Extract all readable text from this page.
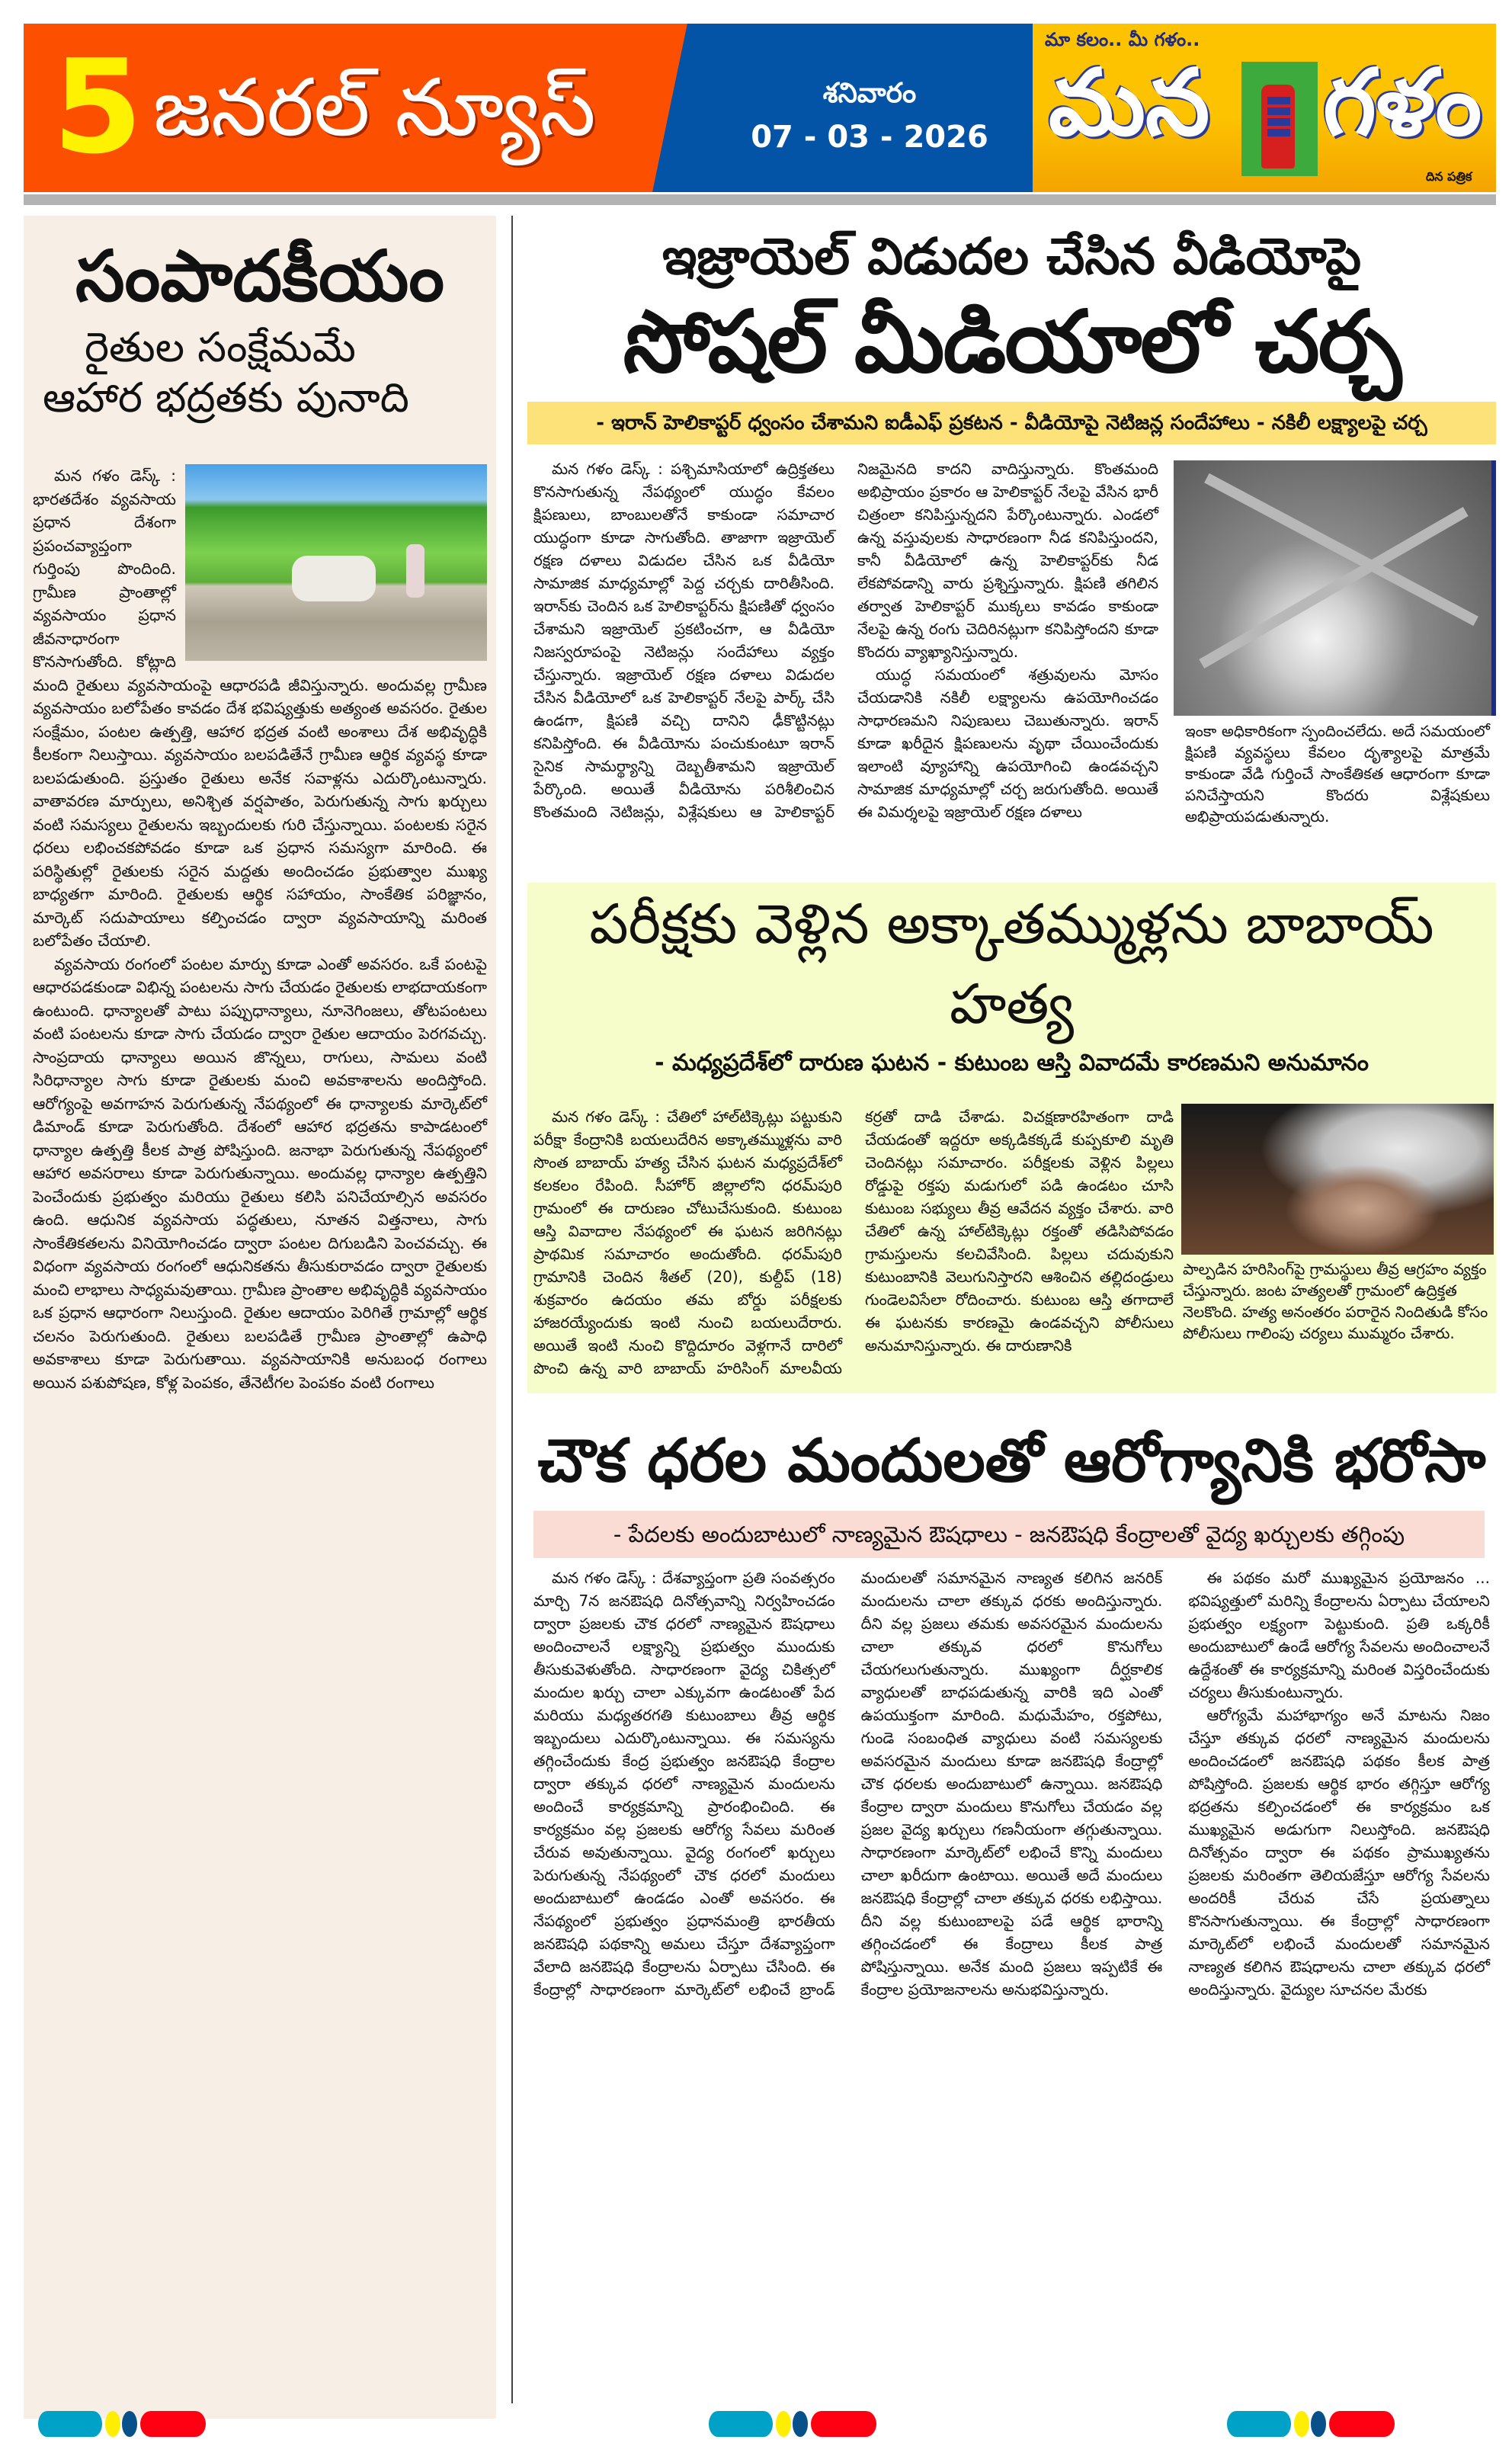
5 జనరల్ న్యూస్	శనివారం
07 - 03 - 2026
మా కలం.. మీ గళం..
మన గళం
దిన పత్రిక
సంపాదకీయం
రైతుల సంక్షేమమే
ఆహార భద్రతకు పునాది

మన గళం డెస్క్ : భారతదేశం వ్యవసాయ ప్రధాన దేశంగా ప్రపంచవ్యాప్తంగా గుర్తింపు పొందింది. గ్రామీణ ప్రాంతాల్లో వ్యవసాయం ప్రధాన జీవనాధారంగా కొనసాగుతోంది. కోట్లాది మంది రైతులు వ్యవసాయంపై ఆధారపడి జీవిస్తున్నారు. అందువల్ల గ్రామీణ వ్యవసాయం బలోపేతం కావడం దేశ భవిష్యత్తుకు అత్యంత అవసరం. రైతుల సంక్షేమం, పంటల ఉత్పత్తి, ఆహార భద్రత వంటి అంశాలు దేశ అభివృద్ధికి కీలకంగా నిలుస్తాయి. వ్యవసాయం బలపడితేనే గ్రామీణ ఆర్థిక వ్యవస్థ కూడా బలపడుతుంది. ప్రస్తుతం రైతులు అనేక సవాళ్లను ఎదుర్కొంటున్నారు. వాతావరణ మార్పులు, అనిశ్చిత వర్షపాతం, పెరుగుతున్న సాగు ఖర్చులు వంటి సమస్యలు రైతులను ఇబ్బందులకు గురి చేస్తున్నాయి. పంటలకు సరైన ధరలు లభించకపోవడం కూడా ఒక ప్రధాన సమస్యగా మారింది. ఈ పరిస్థితుల్లో రైతులకు సరైన మద్దతు అందించడం ప్రభుత్వాల ముఖ్య బాధ్యతగా మారింది. రైతులకు ఆర్థిక సహాయం, సాంకేతిక పరిజ్ఞానం, మార్కెట్ సదుపాయాలు కల్పించడం ద్వారా వ్యవసాయాన్ని మరింత బలోపేతం చేయాలి.

వ్యవసాయ రంగంలో పంటల మార్పు కూడా ఎంతో అవసరం. ఒకే పంటపై ఆధారపడకుండా విభిన్న పంటలను సాగు చేయడం రైతులకు లాభదాయకంగా ఉంటుంది. ధాన్యాలతో పాటు పప్పుధాన్యాలు, నూనెగింజలు, తోటపంటలు వంటి పంటలను కూడా సాగు చేయడం ద్వారా రైతుల ఆదాయం పెరగవచ్చు. సాంప్రదాయ ధాన్యాలు అయిన జొన్నలు, రాగులు, సామలు వంటి సిరిధాన్యాల సాగు కూడా రైతులకు మంచి అవకాశాలను అందిస్తోంది. ఆరోగ్యంపై అవగాహన పెరుగుతున్న నేపథ్యంలో ఈ ధాన్యాలకు మార్కెట్‌లో డిమాండ్ కూడా పెరుగుతోంది. దేశంలో ఆహార భద్రతను కాపాడటంలో ధాన్యాల ఉత్పత్తి కీలక పాత్ర పోషిస్తుంది. జనాభా పెరుగుతున్న నేపథ్యంలో ఆహార అవసరాలు కూడా పెరుగుతున్నాయి. అందువల్ల ధాన్యాల ఉత్పత్తిని పెంచేందుకు ప్రభుత్వం మరియు రైతులు కలిసి పనిచేయాల్సిన అవసరం ఉంది. ఆధునిక వ్యవసాయ పద్ధతులు, నూతన విత్తనాలు, సాగు సాంకేతికతలను వినియోగించడం ద్వారా పంటల దిగుబడిని పెంచవచ్చు. ఈ విధంగా వ్యవసాయ రంగంలో ఆధునికతను తీసుకురావడం ద్వారా రైతులకు మంచి లాభాలు సాధ్యమవుతాయి. గ్రామీణ ప్రాంతాల అభివృద్ధికి వ్యవసాయం ఒక ప్రధాన ఆధారంగా నిలుస్తుంది. రైతుల ఆదాయం పెరిగితే గ్రామాల్లో ఆర్థిక చలనం పెరుగుతుంది. రైతులు బలపడితే గ్రామీణ ప్రాంతాల్లో ఉపాధి అవకాశాలు కూడా పెరుగుతాయి. వ్యవసాయానికి అనుబంధ రంగాలు అయిన పశుపోషణ, కోళ్ల పెంపకం, తేనెటీగల పెంపకం వంటి రంగాలు

ఇజ్రాయెల్ విడుదల చేసిన వీడియోపై
సోషల్ మీడియాలో చర్చ
- ఇరాన్ హెలికాప్టర్ ధ్వంసం చేశామని ఐడీఎఫ్ ప్రకటన - వీడియోపై నెటిజన్ల సందేహాలు - నకిలీ లక్ష్యాలపై చర్చ

మన గళం డెస్క్ : పశ్చిమాసియాలో ఉద్రిక్తతలు కొనసాగుతున్న నేపథ్యంలో యుద్ధం కేవలం క్షిపణులు, బాంబులతోనే కాకుండా సమాచార యుద్ధంగా కూడా సాగుతోంది. తాజాగా ఇజ్రాయెల్ రక్షణ దళాలు విడుదల చేసిన ఒక వీడియో సామాజిక మాధ్యమాల్లో పెద్ద చర్చకు దారితీసింది. ఇరాన్‌కు చెందిన ఒక హెలికాప్టర్‌ను క్షిపణితో ధ్వంసం చేశామని ఇజ్రాయెల్ ప్రకటించగా, ఆ వీడియో నిజస్వరూపంపై నెటిజన్లు సందేహాలు వ్యక్తం చేస్తున్నారు. ఇజ్రాయెల్ రక్షణ దళాలు విడుదల చేసిన వీడియోలో ఒక హెలికాప్టర్ నేలపై పార్క్ చేసి ఉండగా, క్షిపణి వచ్చి దానిని ఢీకొట్టినట్లు కనిపిస్తోంది. ఈ వీడియోను పంచుకుంటూ ఇరాన్ సైనిక సామర్థ్యాన్ని దెబ్బతీశామని ఇజ్రాయెల్ పేర్కొంది. అయితే వీడియోను పరిశీలించిన కొంతమంది నెటిజన్లు, విశ్లేషకులు ఆ హెలికాప్టర్ నిజమైనది కాదని వాదిస్తున్నారు. కొంతమంది అభిప్రాయం ప్రకారం ఆ హెలికాప్టర్ నేలపై వేసిన భారీ చిత్రంలా కనిపిస్తున్నదని పేర్కొంటున్నారు. ఎండలో ఉన్న వస్తువులకు సాధారణంగా నీడ కనిపిస్తుందని, కానీ వీడియోలో ఉన్న హెలికాప్టర్‌కు నీడ లేకపోవడాన్ని వారు ప్రశ్నిస్తున్నారు. క్షిపణి తగిలిన తర్వాత హెలికాప్టర్ ముక్కలు కావడం కాకుండా నేలపై ఉన్న రంగు చెదిరినట్లుగా కనిపిస్తోందని కూడా కొందరు వ్యాఖ్యానిస్తున్నారు.

యుద్ధ సమయంలో శత్రువులను మోసం చేయడానికి నకిలీ లక్ష్యాలను ఉపయోగించడం సాధారణమని నిపుణులు చెబుతున్నారు. ఇరాన్ కూడా ఖరీదైన క్షిపణులను వృథా చేయించేందుకు ఇలాంటి వ్యూహాన్ని ఉపయోగించి ఉండవచ్చని సామాజిక మాధ్యమాల్లో చర్చ జరుగుతోంది. అయితే ఈ విమర్శలపై ఇజ్రాయెల్ రక్షణ దళాలు

ఇంకా అధికారికంగా స్పందించలేదు. అదే సమయంలో క్షిపణి వ్యవస్థలు కేవలం దృశ్యాలపై మాత్రమే కాకుండా వేడి గుర్తించే సాంకేతికత ఆధారంగా కూడా పనిచేస్తాయని కొందరు విశ్లేషకులు అభిప్రాయపడుతున్నారు.
పరీక్షకు వెళ్లిన అక్కాతమ్ముళ్లను బాబాయ్ హత్య
- మధ్యప్రదేశ్‌లో దారుణ ఘటన - కుటుంబ ఆస్తి వివాదమే కారణమని అనుమానం

మన గళం డెస్క్ : చేతిలో హాల్‌టిక్కెట్లు పట్టుకుని పరీక్షా కేంద్రానికి బయలుదేరిన అక్కాతమ్ముళ్లను వారి సొంత బాబాయ్ హత్య చేసిన ఘటన మధ్యప్రదేశ్‌లో కలకలం రేపింది. సీహోర్ జిల్లాలోని ధరమ్‌పురి గ్రామంలో ఈ దారుణం చోటుచేసుకుంది. కుటుంబ ఆస్తి వివాదాల నేపథ్యంలో ఈ ఘటన జరిగినట్లు ప్రాథమిక సమాచారం అందుతోంది. ధరమ్‌పురి గ్రామానికి చెందిన శీతల్ (20), కుల్దీప్ (18) శుక్రవారం ఉదయం తమ బోర్డు పరీక్షలకు హాజరయ్యేందుకు ఇంటి నుంచి బయలుదేరారు. అయితే ఇంటి నుంచి కొద్దిదూరం వెళ్లగానే దారిలో పొంచి ఉన్న వారి బాబాయ్ హరిసింగ్ మాలవీయ కర్రతో దాడి చేశాడు. విచక్షణారహితంగా దాడి చేయడంతో ఇద్దరూ అక్కడికక్కడే కుప్పకూలి మృతి చెందినట్లు సమాచారం. పరీక్షలకు వెళ్లిన పిల్లలు రోడ్డుపై రక్తపు మడుగులో పడి ఉండటం చూసి కుటుంబ సభ్యులు తీవ్ర ఆవేదన వ్యక్తం చేశారు. వారి చేతిలో ఉన్న హాల్‌టిక్కెట్లు రక్తంతో తడిసిపోవడం గ్రామస్తులను కలచివేసింది. పిల్లలు చదువుకుని కుటుంబానికి వెలుగునిస్తారని ఆశించిన తల్లిదండ్రులు గుండెలవిసేలా రోదించారు. కుటుంబ ఆస్తి తగాదాలే ఈ ఘటనకు కారణమై ఉండవచ్చని పోలీసులు అనుమానిస్తున్నారు. ఈ దారుణానికి

పాల్పడిన హరిసింగ్‌పై గ్రామస్థులు తీవ్ర ఆగ్రహం వ్యక్తం చేస్తున్నారు. జంట హత్యలతో గ్రామంలో ఉద్రిక్తత నెలకొంది. హత్య అనంతరం పరారైన నిందితుడి కోసం పోలీసులు గాలింపు చర్యలు ముమ్మరం చేశారు.
చౌక ధరల మందులతో ఆరోగ్యానికి భరోసా
- పేదలకు అందుబాటులో నాణ్యమైన ఔషధాలు - జనఔషధి కేంద్రాలతో వైద్య ఖర్చులకు తగ్గింపు

మన గళం డెస్క్ : దేశవ్యాప్తంగా ప్రతి సంవత్సరం మార్చి 7న జనఔషధి దినోత్సవాన్ని నిర్వహించడం ద్వారా ప్రజలకు చౌక ధరలో నాణ్యమైన ఔషధాలు అందించాలనే లక్ష్యాన్ని ప్రభుత్వం ముందుకు తీసుకువెళుతోంది. సాధారణంగా వైద్య చికిత్సలో మందుల ఖర్చు చాలా ఎక్కువగా ఉండటంతో పేద మరియు మధ్యతరగతి కుటుంబాలు తీవ్ర ఆర్థిక ఇబ్బందులు ఎదుర్కొంటున్నాయి. ఈ సమస్యను తగ్గించేందుకు కేంద్ర ప్రభుత్వం జనఔషధి కేంద్రాల ద్వారా తక్కువ ధరలో నాణ్యమైన మందులను అందించే కార్యక్రమాన్ని ప్రారంభించింది. ఈ కార్యక్రమం వల్ల ప్రజలకు ఆరోగ్య సేవలు మరింత చేరువ అవుతున్నాయి. వైద్య రంగంలో ఖర్చులు పెరుగుతున్న నేపథ్యంలో చౌక ధరలో మందులు అందుబాటులో ఉండడం ఎంతో అవసరం. ఈ నేపథ్యంలో ప్రభుత్వం ప్రధానమంత్రి భారతీయ జనఔషధి పథకాన్ని అమలు చేస్తూ దేశవ్యాప్తంగా వేలాది జనఔషధి కేంద్రాలను ఏర్పాటు చేసింది. ఈ కేంద్రాల్లో సాధారణంగా మార్కెట్‌లో లభించే బ్రాండ్ మందులతో సమానమైన నాణ్యత కలిగిన జనరిక్ మందులను చాలా తక్కువ ధరకు అందిస్తున్నారు. దీని వల్ల ప్రజలు తమకు అవసరమైన మందులను చాలా తక్కువ ధరలో కొనుగోలు చేయగలుగుతున్నారు. ముఖ్యంగా దీర్ఘకాలిక వ్యాధులతో బాధపడుతున్న వారికి ఇది ఎంతో ఉపయుక్తంగా మారింది. మధుమేహం, రక్తపోటు, గుండె సంబంధిత వ్యాధులు వంటి సమస్యలకు అవసరమైన మందులు కూడా జనఔషధి కేంద్రాల్లో చౌక ధరలకు అందుబాటులో ఉన్నాయి. జనఔషధి కేంద్రాల ద్వారా మందులు కొనుగోలు చేయడం వల్ల ప్రజల వైద్య ఖర్చులు గణనీయంగా తగ్గుతున్నాయి. సాధారణంగా మార్కెట్‌లో లభించే కొన్ని మందులు చాలా ఖరీదుగా ఉంటాయి. అయితే అదే మందులు జనఔషధి కేంద్రాల్లో చాలా తక్కువ ధరకు లభిస్తాయి. దీని వల్ల కుటుంబాలపై పడే ఆర్థిక భారాన్ని తగ్గించడంలో ఈ కేంద్రాలు కీలక పాత్ర పోషిస్తున్నాయి. అనేక మంది ప్రజలు ఇప్పటికే ఈ కేంద్రాల ప్రయోజనాలను అనుభవిస్తున్నారు.

ఈ పథకం మరో ముఖ్యమైన ప్రయోజనం ... భవిష్యత్తులో మరిన్ని కేంద్రాలను ఏర్పాటు చేయాలని ప్రభుత్వం లక్ష్యంగా పెట్టుకుంది. ప్రతి ఒక్కరికీ అందుబాటులో ఉండే ఆరోగ్య సేవలను అందించాలనే ఉద్దేశంతో ఈ కార్యక్రమాన్ని మరింత విస్తరించేందుకు చర్యలు తీసుకుంటున్నారు.

ఆరోగ్యమే మహాభాగ్యం అనే మాటను నిజం చేస్తూ తక్కువ ధరలో నాణ్యమైన మందులను అందించడంలో జనఔషధి పథకం కీలక పాత్ర పోషిస్తోంది. ప్రజలకు ఆర్థిక భారం తగ్గిస్తూ ఆరోగ్య భద్రతను కల్పించడంలో ఈ కార్యక్రమం ఒక ముఖ్యమైన అడుగుగా నిలుస్తోంది. జనఔషధి దినోత్సవం ద్వారా ఈ పథకం ప్రాముఖ్యతను ప్రజలకు మరింతగా తెలియజేస్తూ ఆరోగ్య సేవలను అందరికీ చేరువ చేసే ప్రయత్నాలు కొనసాగుతున్నాయి. ఈ కేంద్రాల్లో సాధారణంగా మార్కెట్‌లో లభించే మందులతో సమానమైన నాణ్యత కలిగిన ఔషధాలను చాలా తక్కువ ధరలో అందిస్తున్నారు. వైద్యుల సూచనల మేరకు
